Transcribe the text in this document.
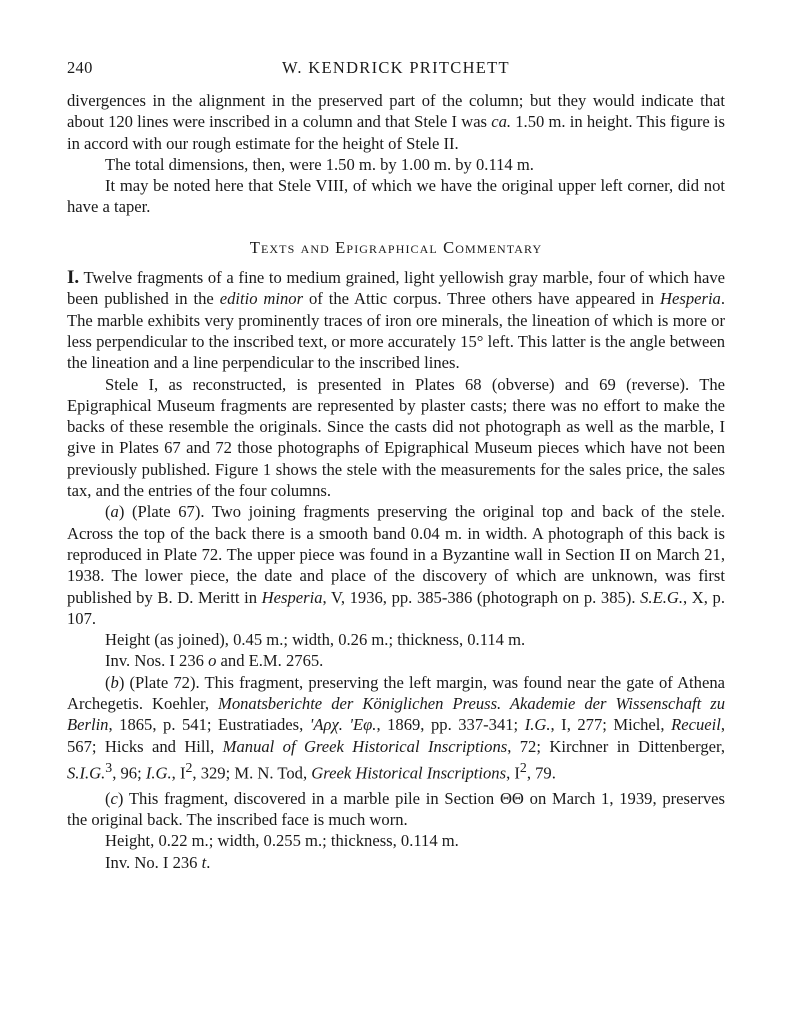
240	W. KENDRICK PRITCHETT

divergences in the alignment in the preserved part of the column; but they would indicate that about 120 lines were inscribed in a column and that Stele I was ca. 1.50 m. in height. This figure is in accord with our rough estimate for the height of Stele II.

The total dimensions, then, were 1.50 m. by 1.00 m. by 0.114 m.

It may be noted here that Stele VIII, of which we have the original upper left corner, did not have a taper.

Texts and Epigraphical Commentary

I. Twelve fragments of a fine to medium grained, light yellowish gray marble, four of which have been published in the editio minor of the Attic corpus. Three others have appeared in Hesperia. The marble exhibits very prominently traces of iron ore minerals, the lineation of which is more or less perpendicular to the inscribed text, or more accurately 15° left. This latter is the angle between the lineation and a line perpendicular to the inscribed lines.

Stele I, as reconstructed, is presented in Plates 68 (obverse) and 69 (reverse). The Epigraphical Museum fragments are represented by plaster casts; there was no effort to make the backs of these resemble the originals. Since the casts did not photograph as well as the marble, I give in Plates 67 and 72 those photographs of Epigraphical Museum pieces which have not been previously published. Figure 1 shows the stele with the measurements for the sales price, the sales tax, and the entries of the four columns.

(a) (Plate 67). Two joining fragments preserving the original top and back of the stele. Across the top of the back there is a smooth band 0.04 m. in width. A photograph of this back is reproduced in Plate 72. The upper piece was found in a Byzantine wall in Section II on March 21, 1938. The lower piece, the date and place of the discovery of which are unknown, was first published by B. D. Meritt in Hesperia, V, 1936, pp. 385-386 (photograph on p. 385). S.E.G., X, p. 107.

Height (as joined), 0.45 m.; width, 0.26 m.; thickness, 0.114 m.

Inv. Nos. I 236 o and E.M. 2765.

(b) (Plate 72). This fragment, preserving the left margin, was found near the gate of Athena Archegetis. Koehler, Monatsberichte der Königlichen Preuss. Akademie der Wissenschaft zu Berlin, 1865, p. 541; Eustratiades, 'Αρχ. 'Εφ., 1869, pp. 337-341; I.G., I, 277; Michel, Recueil, 567; Hicks and Hill, Manual of Greek Historical Inscriptions, 72; Kirchner in Dittenberger, S.I.G.$^3$, 96; I.G., $I^2$, 329; M. N. Tod, Greek Historical Inscriptions, $I^2$, 79.

(c) This fragment, discovered in a marble pile in Section ΘΘ on March 1, 1939, preserves the original back. The inscribed face is much worn.

Height, 0.22 m.; width, 0.255 m.; thickness, 0.114 m.

Inv. No. I 236 t.
